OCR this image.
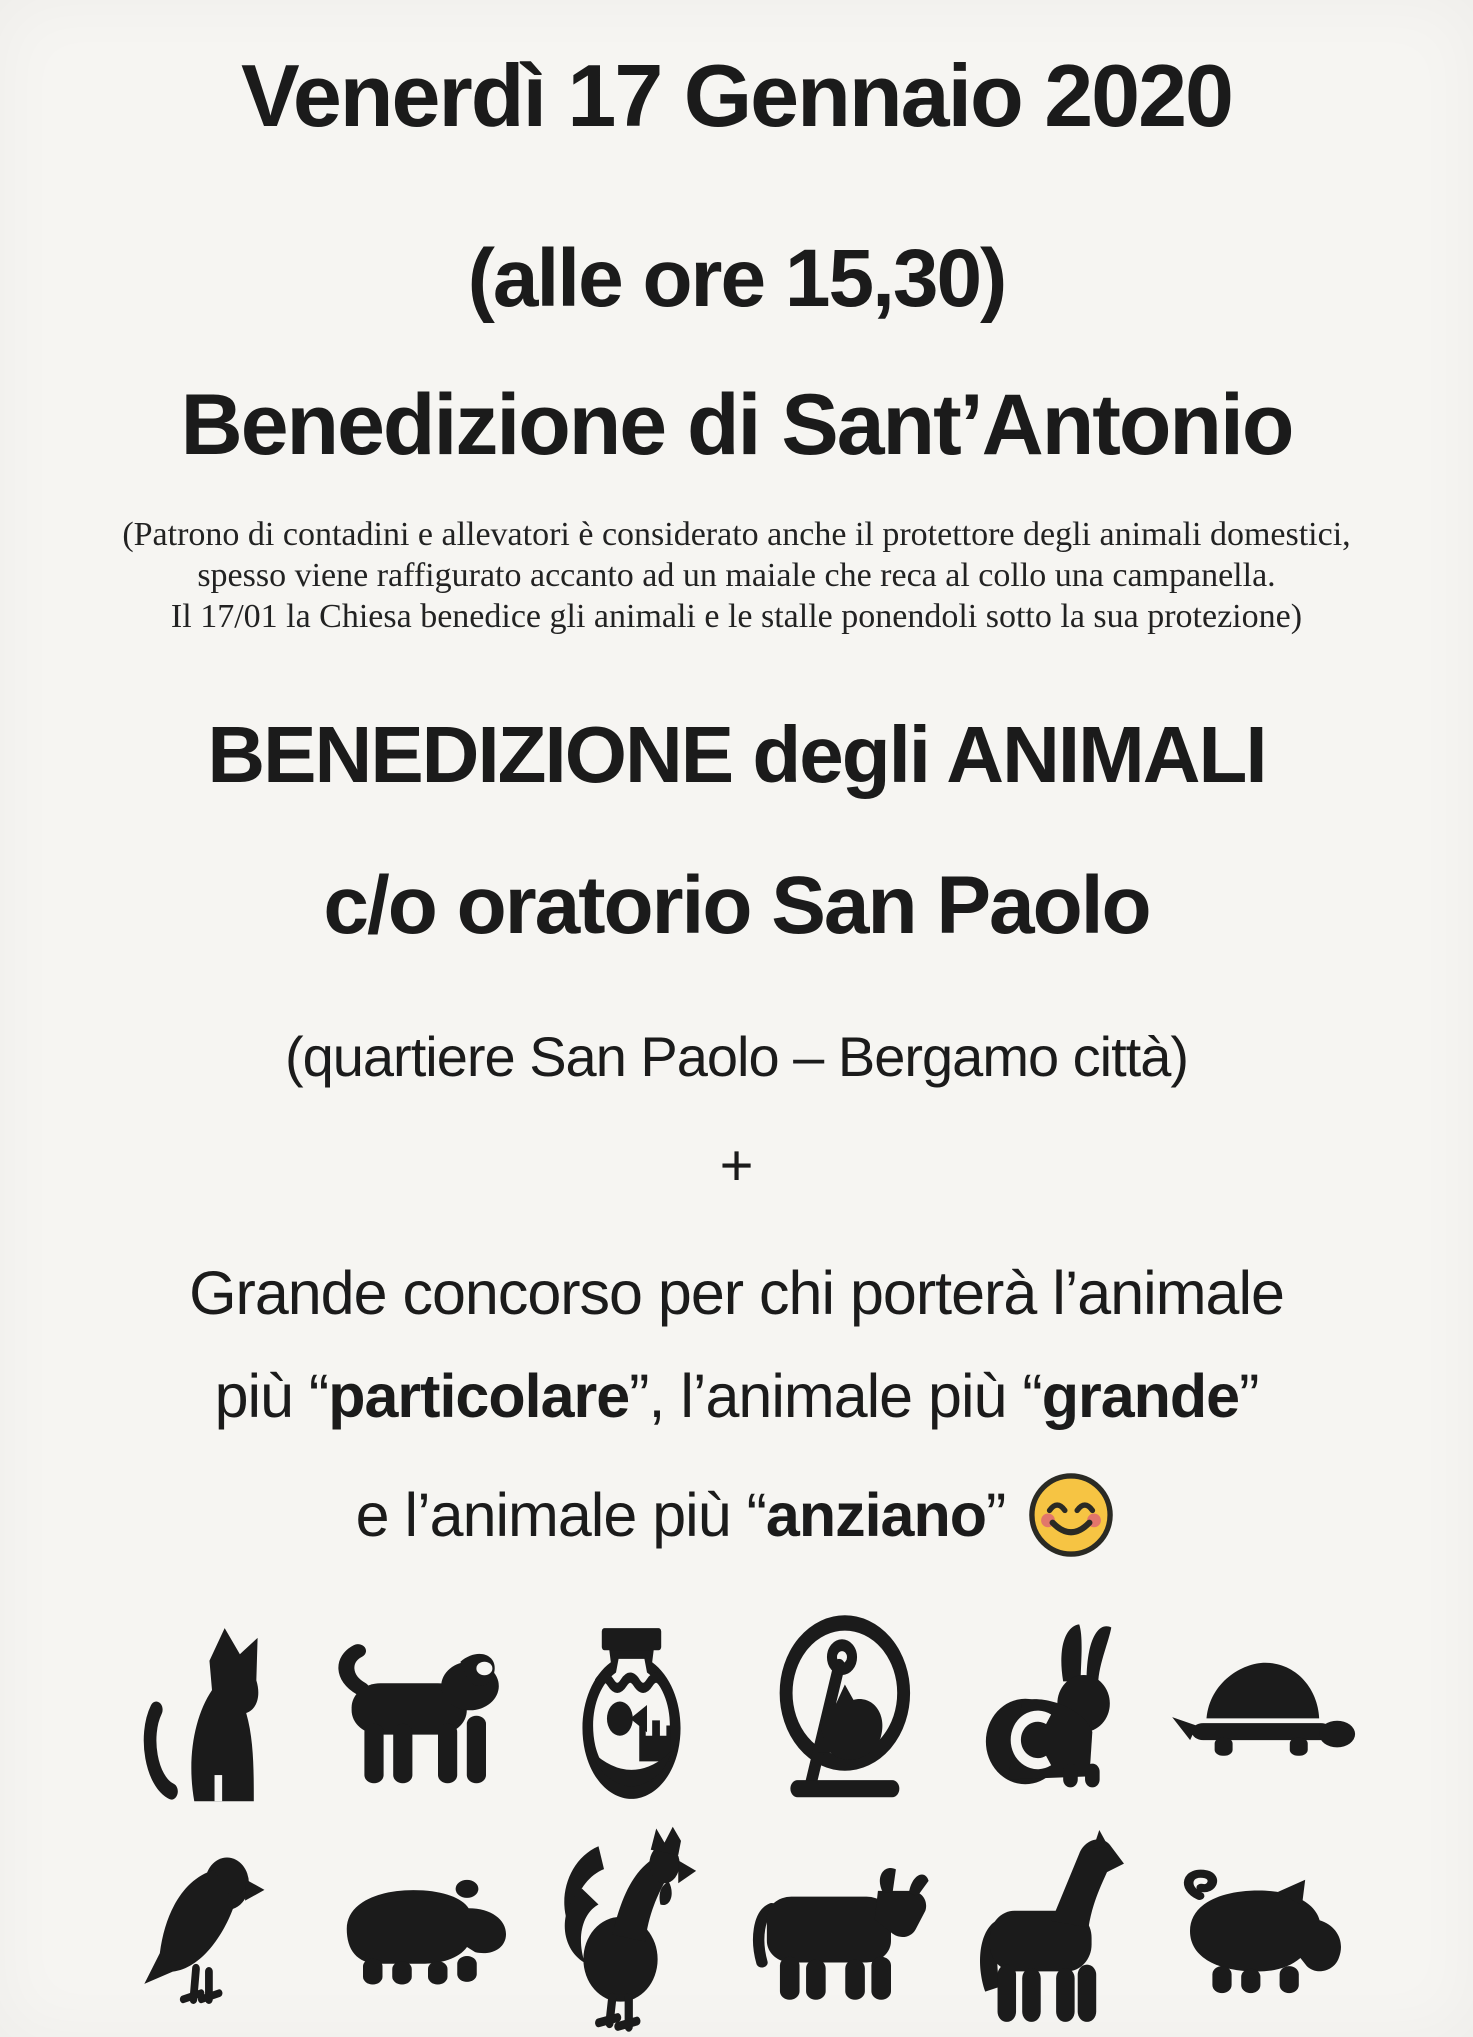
Venerdì 17 Gennaio 2020
(alle ore 15,30)
Benedizione di Sant’Antonio
(Patrono di contadini e allevatori è considerato anche il protettore degli animali domestici,
spesso viene raffigurato accanto ad un maiale che reca al collo una campanella.
Il 17/01 la Chiesa benedice gli animali e le stalle ponendoli sotto la sua protezione)
BENEDIZIONE degli ANIMALI
c/o oratorio San Paolo
(quartiere San Paolo – Bergamo città)
+
Grande concorso per chi porterà l’animale
più “particolare”, l’animale più “grande”
e l’animale più “anziano”
